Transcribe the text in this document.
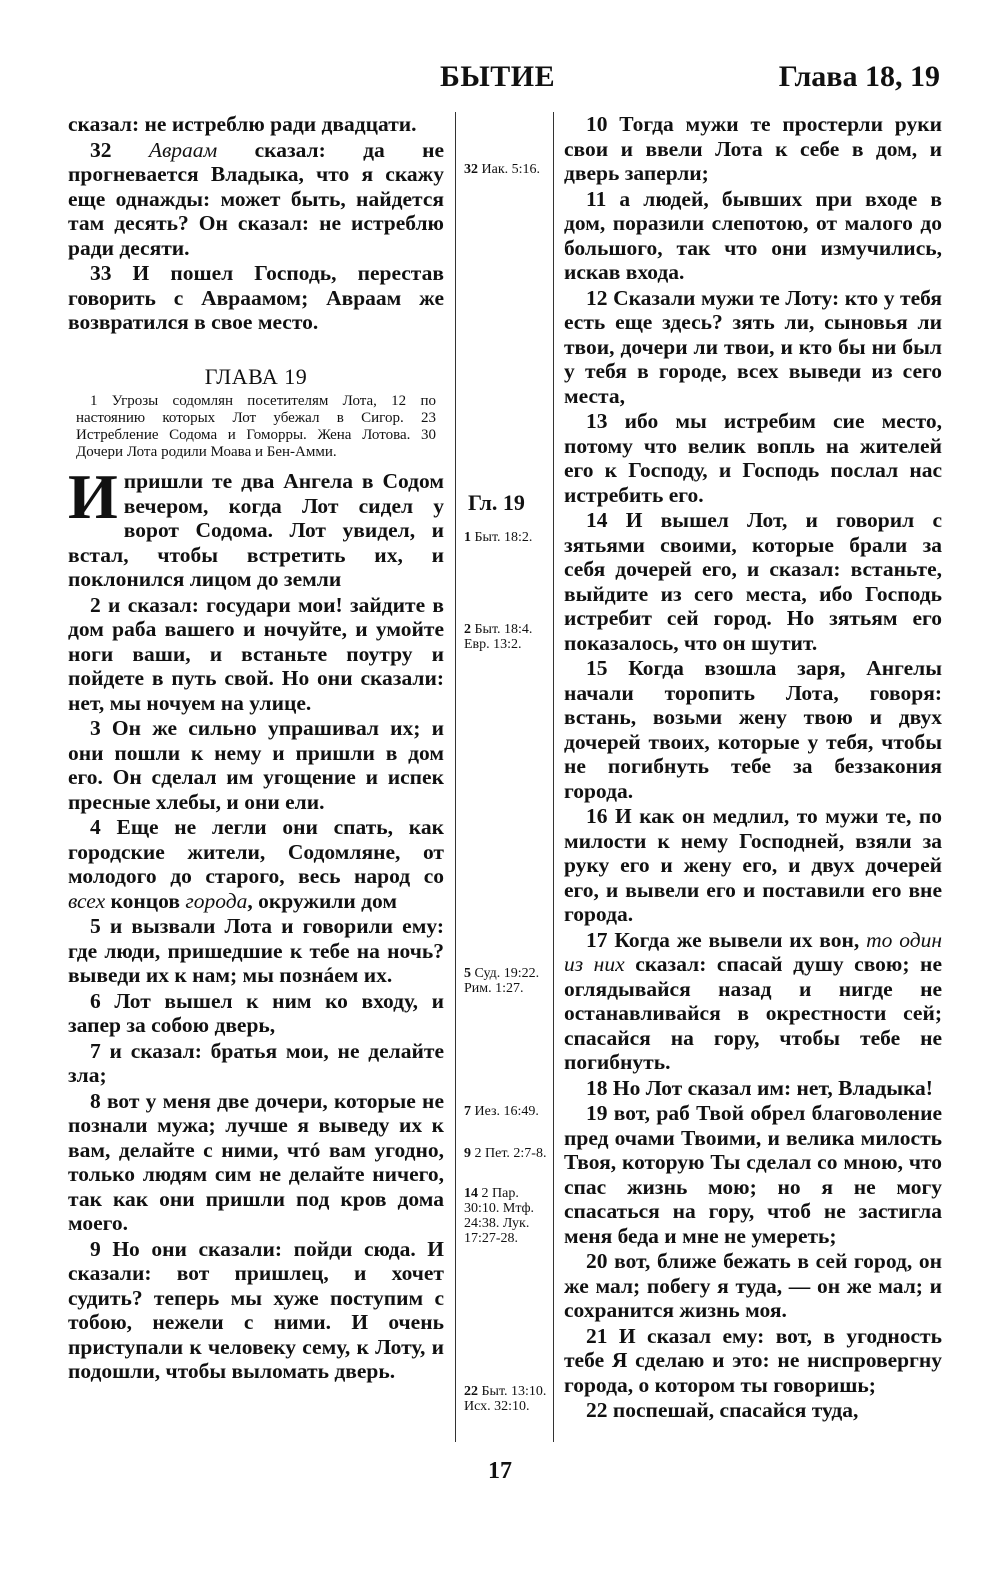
БЫТИЕ	Глава 18, 19

сказал: не истреблю ради двадцати.

32 Авраам сказал: да не прогневается Владыка, что я скажу еще однажды: может быть, найдется там десять? Он сказал: не истреблю ради десяти.

33 И пошел Господь, перестав говорить с Авраамом; Авраам же возвратился в свое место.

ГЛАВА 19
1 Угрозы содомлян посетителям Лота, 12 по настоянию которых Лот убежал в Сигор. 23 Истребление Содома и Гоморры. Жена Лотова. 30 Дочери Лота родили Моава и Бен-Амми.

И пришли те два Ангела в Содом вечером, когда Лот сидел у ворот Содома. Лот увидел, и встал, чтобы встретить их, и поклонился лицом до земли

2 и сказал: государи мои! зайдите в дом раба вашего и ночуйте, и умойте ноги ваши, и встаньте поутру и пойдете в путь свой. Но они сказали: нет, мы ночуем на улице.

3 Он же сильно упрашивал их; и они пошли к нему и пришли в дом его. Он сделал им угощение и испек пресные хлебы, и они ели.

4 Еще не легли они спать, как городские жители, Содомляне, от молодого до старого, весь народ со всех концов города, окружили дом

5 и вызвали Лота и говорили ему: где люди, пришедшие к тебе на ночь? выведи их к нам; мы познáем их.

6 Лот вышел к ним ко входу, и запер за собою дверь,

7 и сказал: братья мои, не делайте зла;

8 вот у меня две дочери, которые не познали мужа; лучше я выведу их к вам, делайте с ними, чтó вам угодно, только людям сим не делайте ничего, так как они пришли под кров дома моего.

9 Но они сказали: пойди сюда. И сказали: вот пришлец, и хочет судить? теперь мы хуже поступим с тобою, нежели с ними. И очень приступали к человеку сему, к Лоту, и подошли, чтобы выломать дверь.

32 Иак. 5:16.
Гл. 19
1 Быт. 18:2.
2 Быт. 18:4. Евр. 13:2.
5 Суд. 19:22. Рим. 1:27.
7 Иез. 16:49.
9 2 Пет. 2:7-8.
14 2 Пар. 30:10. Мтф. 24:38. Лук. 17:27-28.
22 Быт. 13:10. Исх. 32:10.

10 Тогда мужи те простерли руки свои и ввели Лота к себе в дом, и дверь заперли;

11 а людей, бывших при входе в дом, поразили слепотою, от малого до большого, так что они измучились, искав входа.

12 Сказали мужи те Лоту: кто у тебя есть еще здесь? зять ли, сыновья ли твои, дочери ли твои, и кто бы ни был у тебя в городе, всех выведи из сего места,

13 ибо мы истребим сие место, потому что велик вопль на жителей его к Господу, и Господь послал нас истребить его.

14 И вышел Лот, и говорил с зятьями своими, которые брали за себя дочерей его, и сказал: встаньте, выйдите из сего места, ибо Господь истребит сей город. Но зятьям его показалось, что он шутит.

15 Когда взошла заря, Ангелы начали торопить Лота, говоря: встань, возьми жену твою и двух дочерей твоих, которые у тебя, чтобы не погибнуть тебе за беззакония города.

16 И как он медлил, то мужи те, по милости к нему Господней, взяли за руку его и жену его, и двух дочерей его, и вывели его и поставили его вне города.

17 Когда же вывели их вон, то один из них сказал: спасай душу свою; не оглядывайся назад и нигде не останавливайся в окрестности сей; спасайся на гору, чтобы тебе не погибнуть.

18 Но Лот сказал им: нет, Владыка!

19 вот, раб Твой обрел благоволение пред очами Твоими, и велика милость Твоя, которую Ты сделал со мною, что спас жизнь мою; но я не могу спасаться на гору, чтоб не застигла меня беда и мне не умереть;

20 вот, ближе бежать в сей город, он же мал; побегу я туда, — он же мал; и сохранится жизнь моя.

21 И сказал ему: вот, в угодность тебе Я сделаю и это: не ниспровергну города, о котором ты говоришь;

22 поспешай, спасайся туда,

17
